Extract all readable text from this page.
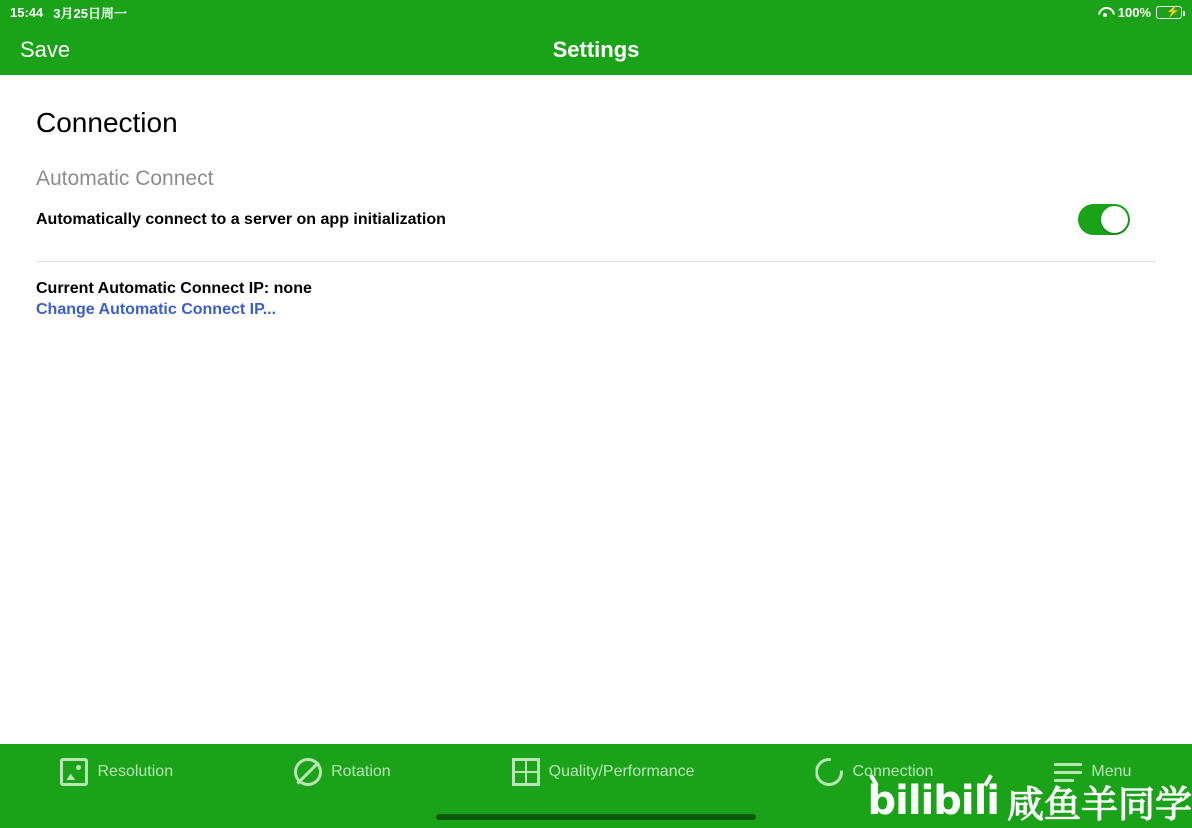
15:44 3月25日周一	100% ⚡
Save	Settings
Connection
Automatic Connect
Automatically connect to a server on app initialization
Current Automatic Connect IP: none
Change Automatic Connect IP...
Resolution	Rotation	Quality/Performance	Connection	Menu
bilibili 咸鱼羊同学
